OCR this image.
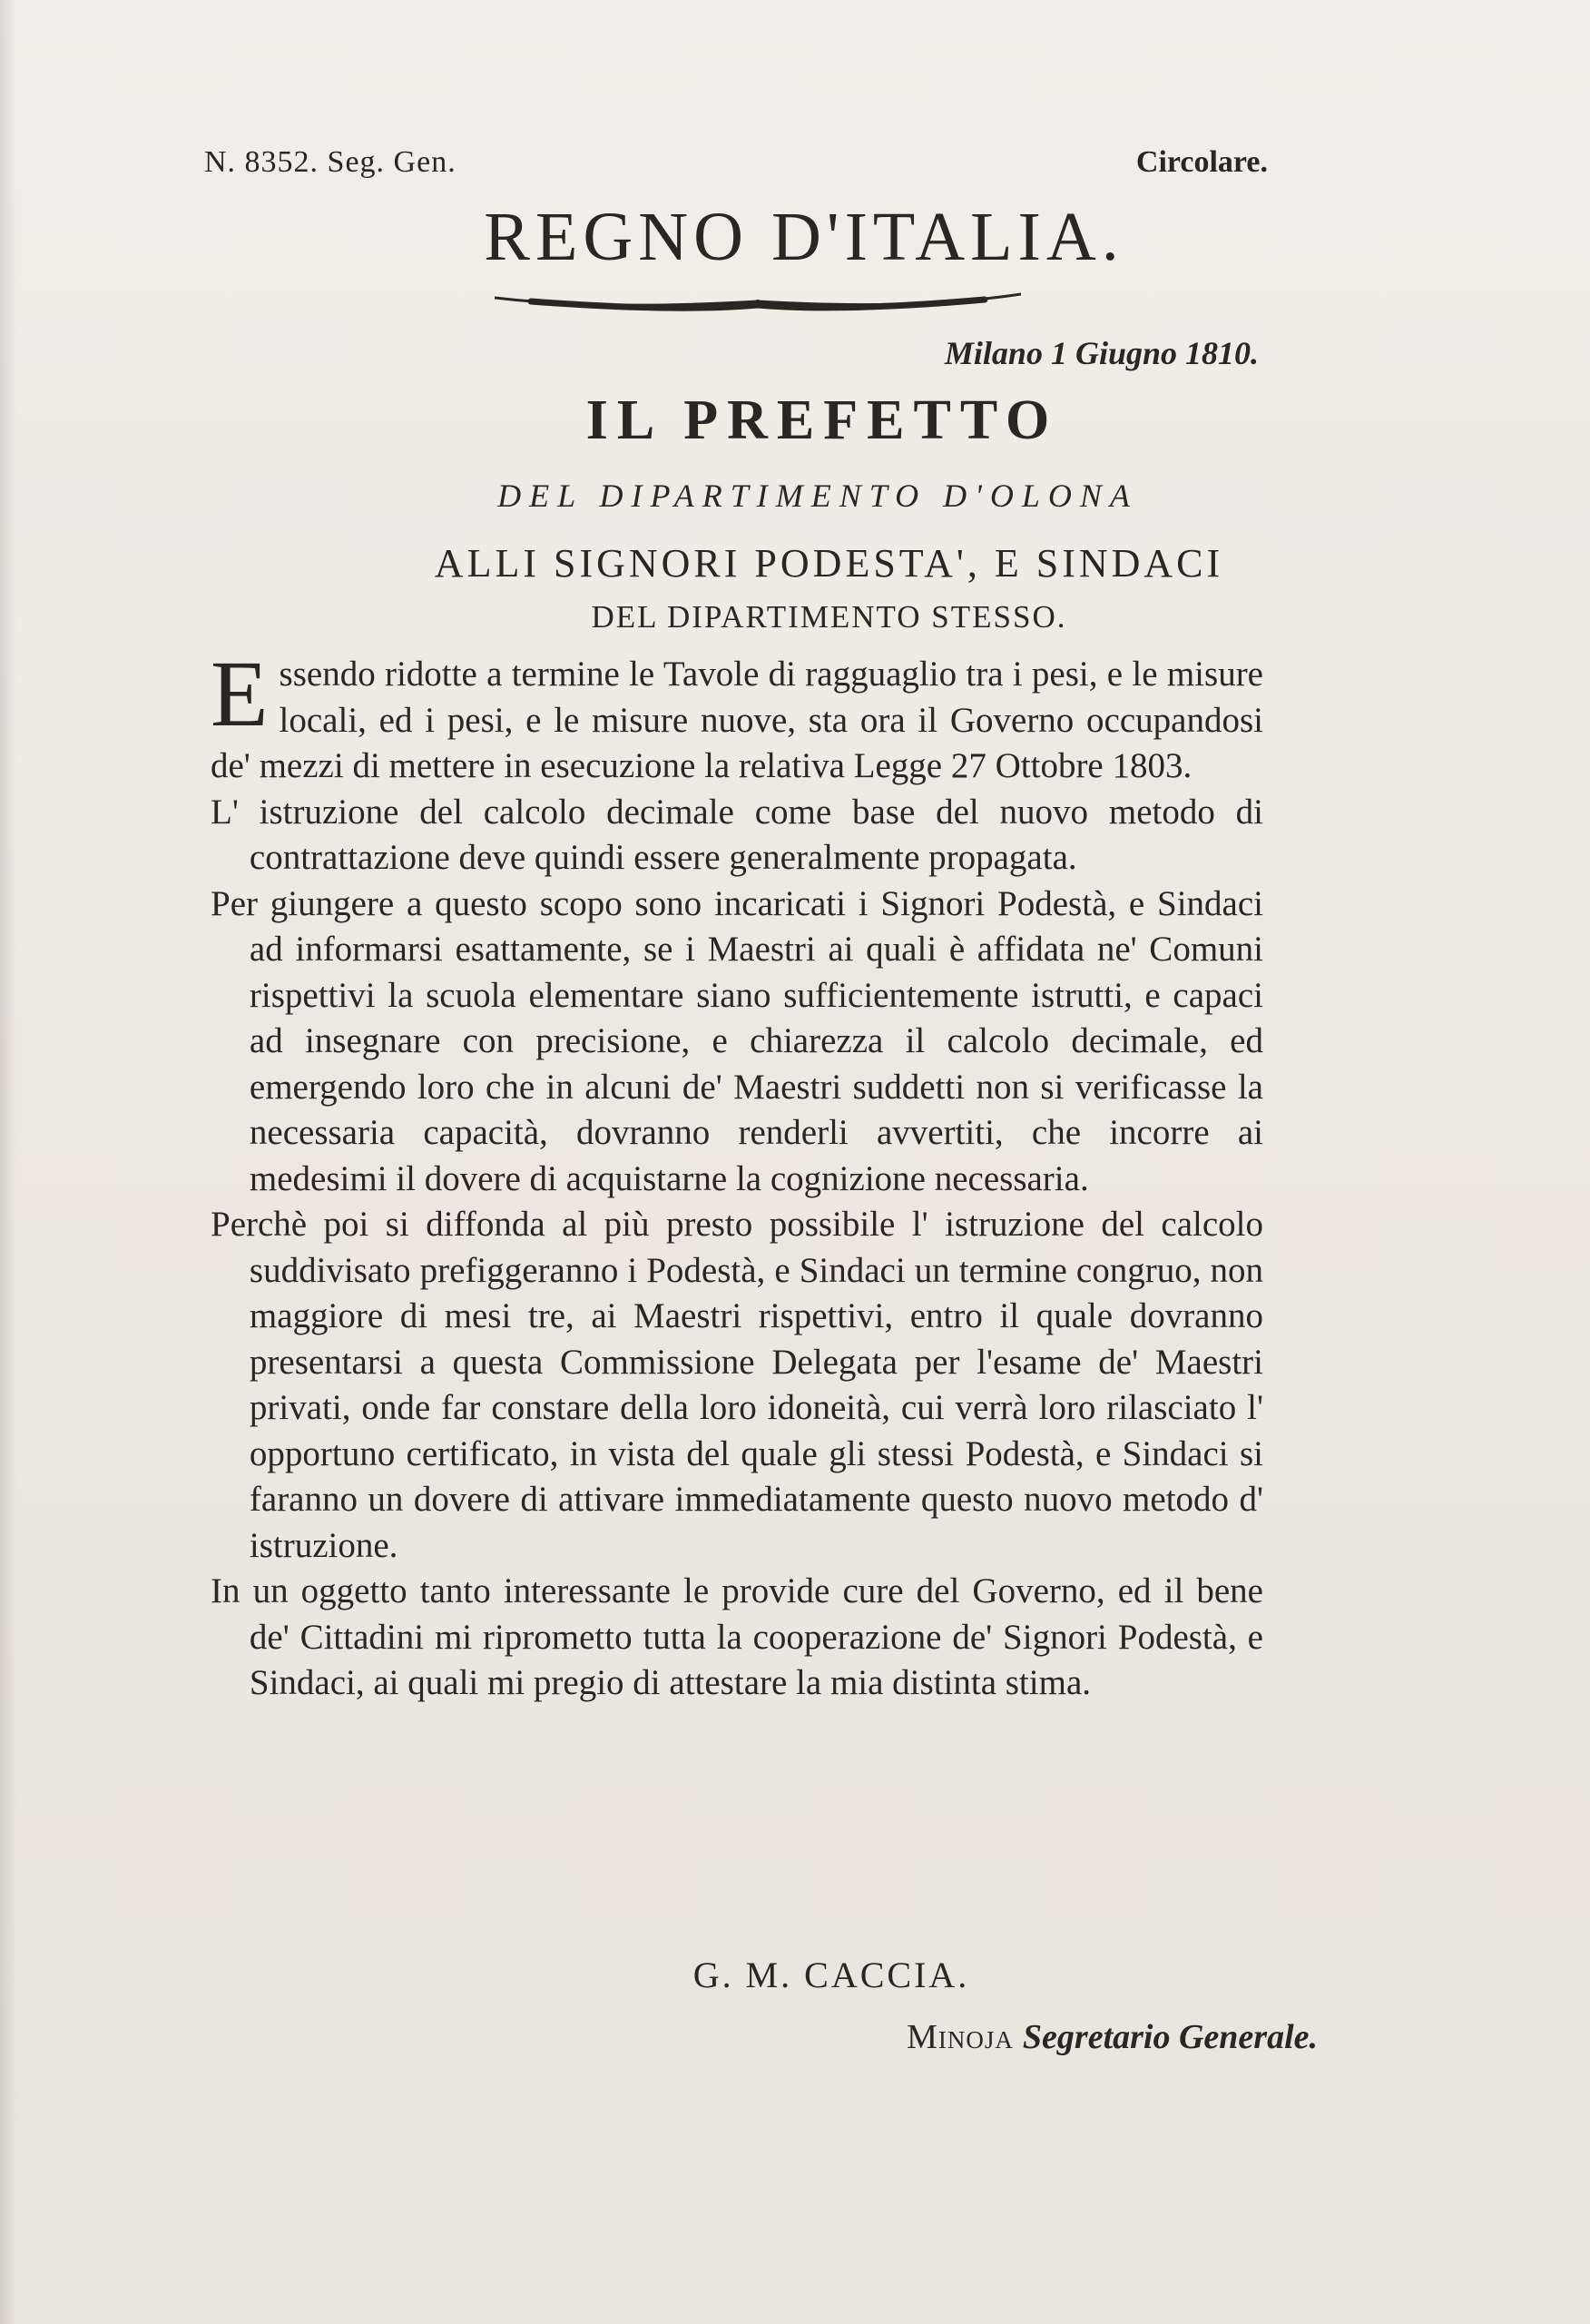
N. 8352. Seg. Gen.	Circolare.
REGNO D'ITALIA.
Milano 1 Giugno 1810.
IL PREFETTO
DEL DIPARTIMENTO D'OLONA
ALLI SIGNORI PODESTA', E SINDACI
DEL DIPARTIMENTO STESSO.

Essendo ridotte a termine le Tavole di ragguaglio tra i pesi, e le misure locali, ed i pesi, e le misure nuove, sta ora il Governo occupandosi de' mezzi di mettere in esecuzione la relativa Legge 27 Ottobre 1803.

L' istruzione del calcolo decimale come base del nuovo metodo di contrattazione deve quindi essere generalmente propagata.

Per giungere a questo scopo sono incaricati i Signori Podestà, e Sindaci ad informarsi esattamente, se i Maestri ai quali è affidata ne' Comuni rispettivi la scuola elementare siano sufficientemente istrutti, e capaci ad insegnare con precisione, e chiarezza il calcolo decimale, ed emergendo loro che in alcuni de' Maestri suddetti non si verificasse la necessaria capacità, dovranno renderli avvertiti, che incorre ai medesimi il dovere di acquistarne la cognizione necessaria.

Perchè poi si diffonda al più presto possibile l' istruzione del calcolo suddivisato prefiggeranno i Podestà, e Sindaci un termine congruo, non maggiore di mesi tre, ai Maestri rispettivi, entro il quale dovranno presentarsi a questa Commissione Delegata per l'esame de' Maestri privati, onde far constare della loro idoneità, cui verrà loro rilasciato l' opportuno certificato, in vista del quale gli stessi Podestà, e Sindaci si faranno un dovere di attivare immediatamente questo nuovo metodo d' istruzione.

In un oggetto tanto interessante le provide cure del Governo, ed il bene de' Cittadini mi riprometto tutta la cooperazione de' Signori Podestà, e Sindaci, ai quali mi pregio di attestare la mia distinta stima.

G. M. CACCIA.
Minoja Segretario Generale.
